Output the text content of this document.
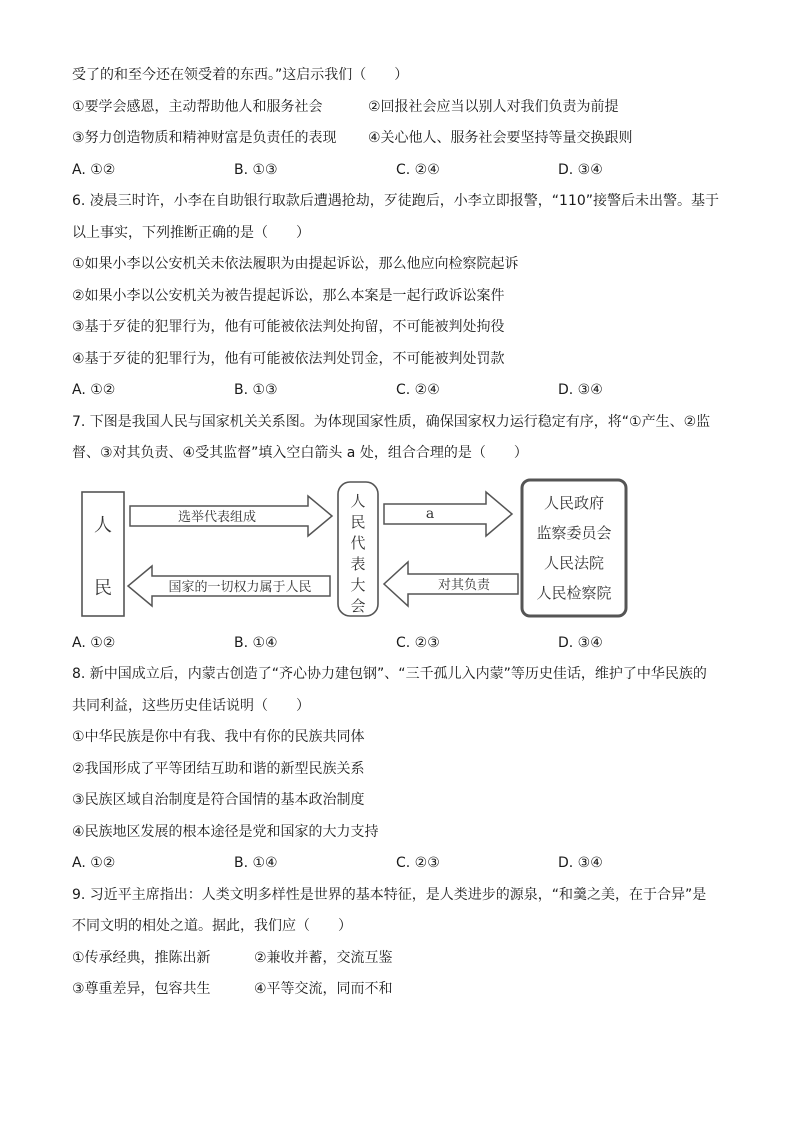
受了的和至今还在领受着的东西。”这启示我们（　　）
①要学会感恩，主动帮助他人和服务社会	②回报社会应当以别人对我们负责为前提
③努力创造物质和精神财富是负责任的表现	④关心他人、服务社会要坚持等量交换跟则
A. ①②	B. ①③	C. ②④	D. ③④
6. 凌晨三时许，小李在自助银行取款后遭遇抢劫，歹徒跑后，小李立即报警，“110”接警后未出警。基于
以上事实，下列推断正确的是（　　）
①如果小李以公安机关未依法履职为由提起诉讼，那么他应向检察院起诉
②如果小李以公安机关为被告提起诉讼，那么本案是一起行政诉讼案件
③基于歹徒的犯罪行为，他有可能被依法判处拘留，不可能被判处拘役
④基于歹徒的犯罪行为，他有可能被依法判处罚金，不可能被判处罚款
A. ①②	B. ①③	C. ②④	D. ③④
7. 下图是我国人民与国家机关关系图。为体现国家性质，确保国家权力运行稳定有序，将“①产生、②监
督、③对其负责、④受其监督”填入空白箭头 a 处，组合合理的是（　　）
人
民
选举代表组成
国家的一切权力属于人民
人
民
代
表
大
会
a
对其负责
人民政府
监察委员会
人民法院
人民检察院
A. ①②	B. ①④	C. ②③	D. ③④
8. 新中国成立后，内蒙古创造了“齐心协力建包钢”、“三千孤儿入内蒙”等历史佳话，维护了中华民族的
共同利益，这些历史佳话说明（　　）
①中华民族是你中有我、我中有你的民族共同体
②我国形成了平等团结互助和谐的新型民族关系
③民族区域自治制度是符合国情的基本政治制度
④民族地区发展的根本途径是党和国家的大力支持
A. ①②	B. ①④	C. ②③	D. ③④
9. 习近平主席指出：人类文明多样性是世界的基本特征，是人类进步的源泉，“和羹之美，在于合异”是
不同文明的相处之道。据此，我们应（　　）
①传承经典，推陈出新	②兼收并蓄，交流互鉴
③尊重差异，包容共生	④平等交流，同而不和
